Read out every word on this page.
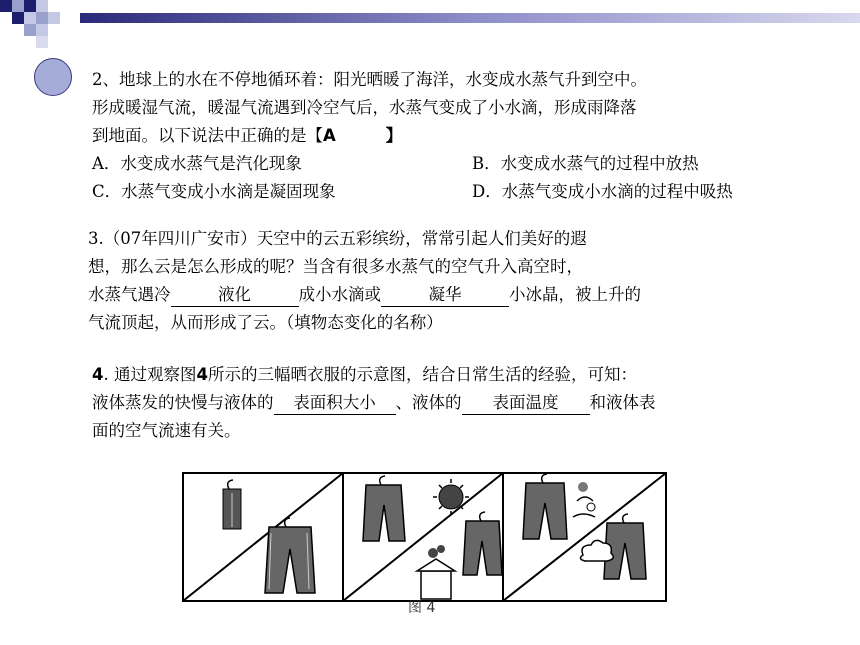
2、地球上的水在不停地循环着：阳光晒暖了海洋，水变成水蒸气升到空中。
形成暖湿气流，暖湿气流遇到冷空气后，水蒸气变成了小水滴，形成雨降落
到地面。以下说法中正确的是【A	】
A．水变成水蒸气是汽化现象	B．水变成水蒸气的过程中放热
C．水蒸气变成小水滴是凝固现象	D．水蒸气变成小水滴的过程中吸热
3.（07年四川广安市）天空中的云五彩缤纷，常常引起人们美好的遐
想，那么云是怎么形成的呢？当含有很多水蒸气的空气升入高空时，
水蒸气遇冷	液化	成小水滴或	凝华	小冰晶，被上升的
气流顶起，从而形成了云。（填物态变化的名称）
4. 通过观察图4所示的三幅晒衣服的示意图，结合日常生活的经验，可知：
液体蒸发的快慢与液体的 表面积大小 、液体的 表面温度 和液体表
面的空气流速有关。
图 4
